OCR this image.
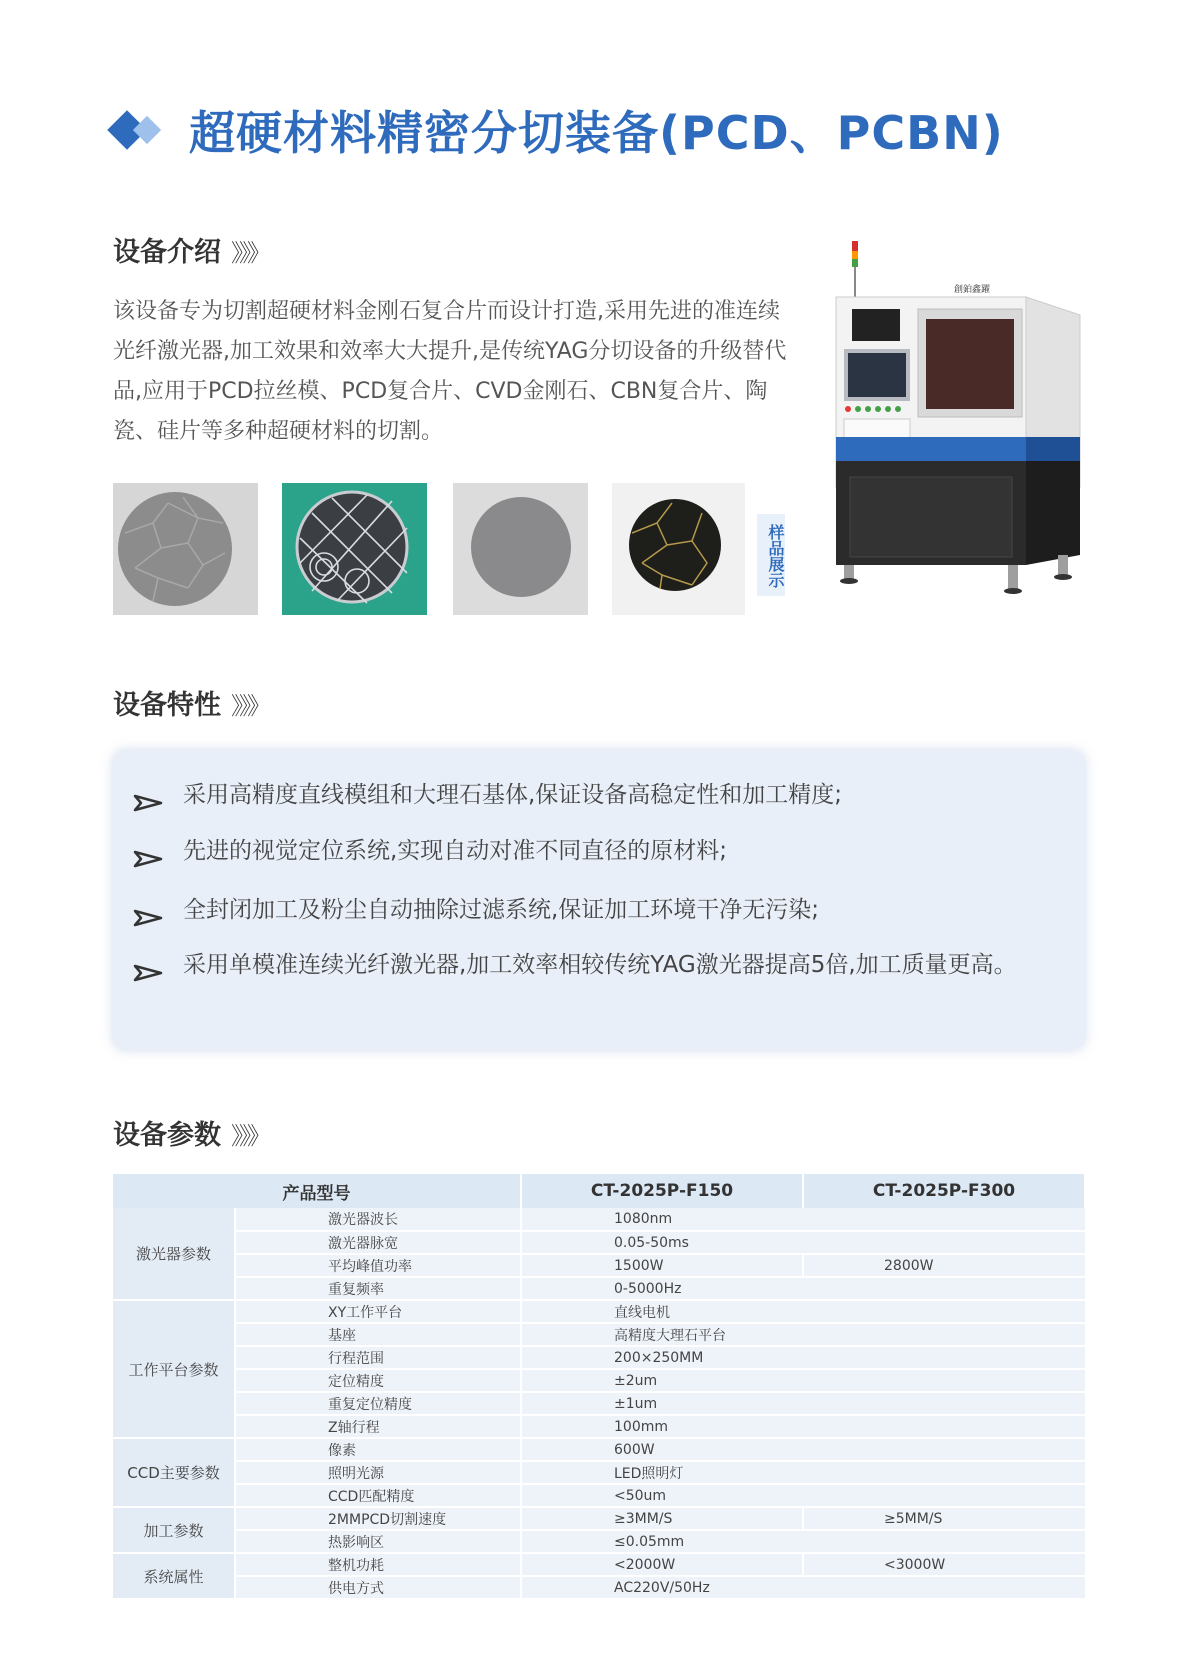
超硬材料精密分切装备(PCD、PCBN)
设备介绍 》》》
该设备专为切割超硬材料金刚石复合片而设计打造,采用先进的准连续光纤激光器,加工效果和效率大大提升,是传统YAG分切设备的升级替代品,应用于PCD拉丝模、PCD复合片、CVD金刚石、CBN复合片、陶瓷、硅片等多种超硬材料的切割。
样品展示
創鉑鑫躍
设备特性 》》》
采用高精度直线模组和大理石基体,保证设备高稳定性和加工精度;
先进的视觉定位系统,实现自动对准不同直径的原材料;
全封闭加工及粉尘自动抽除过滤系统,保证加工环境干净无污染;
采用单模准连续光纤激光器,加工效率相较传统YAG激光器提高5倍,加工质量更高。
设备参数 》》》
产品型号		CT-2025P-F150	CT-2025P-F300
激光器参数	激光器波长	1080nm	
	激光器脉宽	0.05-50ms	
	平均峰值功率	1500W	2800W
	重复频率	0-5000Hz	
工作平台参数	XY工作平台	直线电机	
	基座	高精度大理石平台	
	行程范围	200×250MM	
	定位精度	±2um	
	重复定位精度	±1um	
	Z轴行程	100mm	
CCD主要参数	像素	600W	
	照明光源	LED照明灯	
	CCD匹配精度	<50um	
加工参数	2MMPCD切割速度	≥3MM/S	≥5MM/S
	热影响区	≤0.05mm	
系统属性	整机功耗	<2000W	<3000W
	供电方式	AC220V/50Hz	
